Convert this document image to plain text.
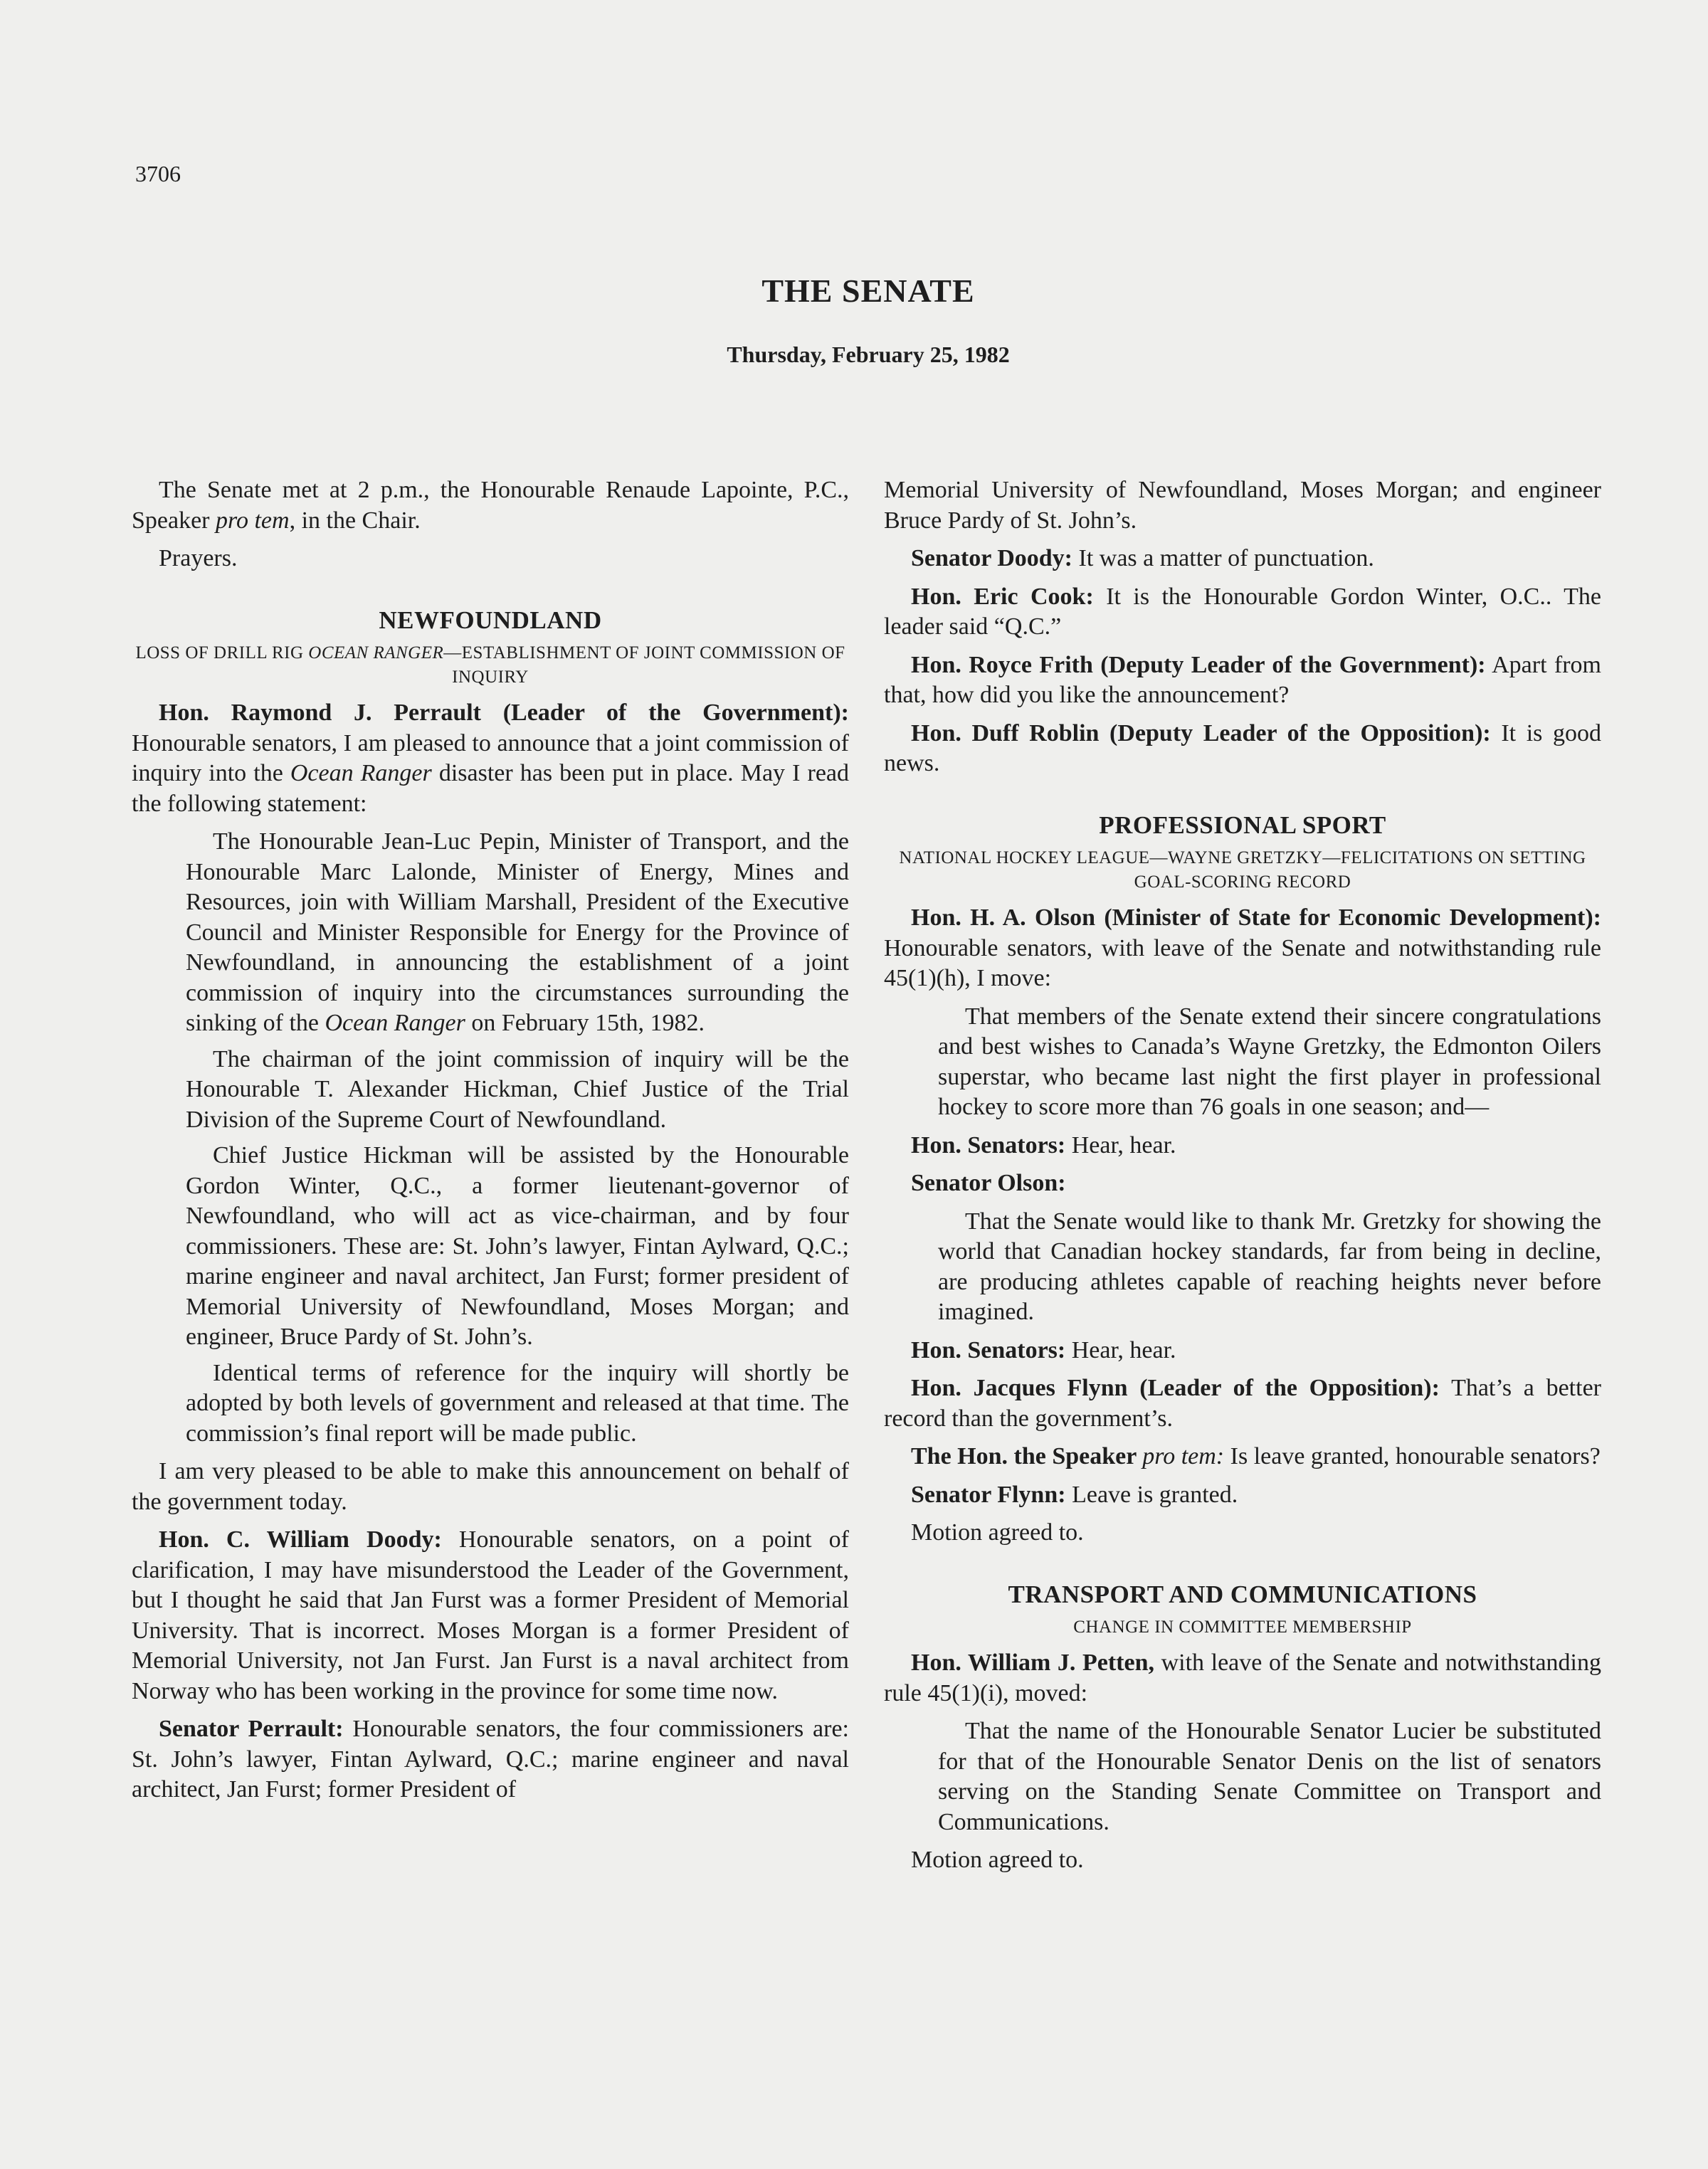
3706
THE SENATE
Thursday, February 25, 1982

The Senate met at 2 p.m., the Honourable Renaude Lapointe, P.C., Speaker pro tem, in the Chair.

Prayers.

NEWFOUNDLAND
LOSS OF DRILL RIG OCEAN RANGER—ESTABLISHMENT OF JOINT COMMISSION OF INQUIRY

Hon. Raymond J. Perrault (Leader of the Government): Honourable senators, I am pleased to announce that a joint commission of inquiry into the Ocean Ranger disaster has been put in place. May I read the following statement:

The Honourable Jean-Luc Pepin, Minister of Transport, and the Honourable Marc Lalonde, Minister of Energy, Mines and Resources, join with William Marshall, President of the Executive Council and Minister Responsible for Energy for the Province of Newfoundland, in announcing the establishment of a joint commission of inquiry into the circumstances surrounding the sinking of the Ocean Ranger on February 15th, 1982.

The chairman of the joint commission of inquiry will be the Honourable T. Alexander Hickman, Chief Justice of the Trial Division of the Supreme Court of Newfoundland.

Chief Justice Hickman will be assisted by the Honourable Gordon Winter, Q.C., a former lieutenant-governor of Newfoundland, who will act as vice-chairman, and by four commissioners. These are: St. John’s lawyer, Fintan Aylward, Q.C.; marine engineer and naval architect, Jan Furst; former president of Memorial University of Newfoundland, Moses Morgan; and engineer, Bruce Pardy of St. John’s.

Identical terms of reference for the inquiry will shortly be adopted by both levels of government and released at that time. The commission’s final report will be made public.

I am very pleased to be able to make this announcement on behalf of the government today.

Hon. C. William Doody: Honourable senators, on a point of clarification, I may have misunderstood the Leader of the Government, but I thought he said that Jan Furst was a former President of Memorial University. That is incorrect. Moses Morgan is a former President of Memorial University, not Jan Furst. Jan Furst is a naval architect from Norway who has been working in the province for some time now.

Senator Perrault: Honourable senators, the four commissioners are: St. John’s lawyer, Fintan Aylward, Q.C.; marine engineer and naval architect, Jan Furst; former President of

Memorial University of Newfoundland, Moses Morgan; and engineer Bruce Pardy of St. John’s.

Senator Doody: It was a matter of punctuation.

Hon. Eric Cook: It is the Honourable Gordon Winter, O.C.. The leader said “Q.C.”

Hon. Royce Frith (Deputy Leader of the Government): Apart from that, how did you like the announcement?

Hon. Duff Roblin (Deputy Leader of the Opposition): It is good news.

PROFESSIONAL SPORT
NATIONAL HOCKEY LEAGUE—WAYNE GRETZKY—FELICITATIONS ON SETTING GOAL-SCORING RECORD

Hon. H. A. Olson (Minister of State for Economic Development): Honourable senators, with leave of the Senate and notwithstanding rule 45(1)(h), I move:

That members of the Senate extend their sincere congratulations and best wishes to Canada’s Wayne Gretzky, the Edmonton Oilers superstar, who became last night the first player in professional hockey to score more than 76 goals in one season; and—

Hon. Senators: Hear, hear.

Senator Olson:

That the Senate would like to thank Mr. Gretzky for showing the world that Canadian hockey standards, far from being in decline, are producing athletes capable of reaching heights never before imagined.

Hon. Senators: Hear, hear.

Hon. Jacques Flynn (Leader of the Opposition): That’s a better record than the government’s.

The Hon. the Speaker pro tem: Is leave granted, honourable senators?

Senator Flynn: Leave is granted.

Motion agreed to.

TRANSPORT AND COMMUNICATIONS
CHANGE IN COMMITTEE MEMBERSHIP

Hon. William J. Petten, with leave of the Senate and notwithstanding rule 45(1)(i), moved:

That the name of the Honourable Senator Lucier be substituted for that of the Honourable Senator Denis on the list of senators serving on the Standing Senate Committee on Transport and Communications.

Motion agreed to.
